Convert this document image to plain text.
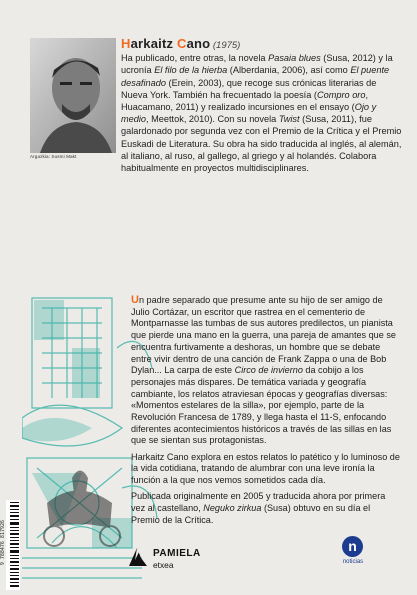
Argazkia: Susmi Makt
Harkaitz Cano (1975)
Ha publicado, entre otras, la novela Pasaia blues (Susa, 2012) y la ucronía El filo de la hierba (Alberdania, 2006), así como El puente desafinado (Erein, 2003), que recoge sus crónicas literarias de Nueva York. También ha frecuentado la poesía (Compro oro, Huacamano, 2011) y realizado incursiones en el ensayo (Ojo y medio, Meettok, 2010). Con su novela Twist (Susa, 2011), fue galardonado por segunda vez con el Premio de la Crítica y el Premio Euskadi de Literatura. Su obra ha sido traducida al inglés, al alemán, al italiano, al ruso, al gallego, al griego y al holandés. Colabora habitualmente en proyectos multidisciplinares.

Un padre separado que presume ante su hijo de ser amigo de Julio Cortázar, un escritor que rastrea en el cementerio de Montparnasse las tumbas de sus autores predilectos, un pianista que pierde una mano en la guerra, una pareja de amantes que se encuentra furtivamente a deshoras, un hombre que se debate entre vivir dentro de una canción de Frank Zappa o una de Bob Dylan... La carpa de este Circo de invierno da cobijo a los personajes más dispares. De temática variada y geografía cambiante, los relatos atraviesan épocas y geografías diversas: «Momentos estelares de la silla», por ejemplo, parte de la Revolución Francesa de 1789, y llega hasta el 11-S, enfocando diferentes acontecimientos históricos a través de las sillas en las que se sientan sus protagonistas.

Harkaitz Cano explora en estos relatos lo patético y lo luminoso de la vida cotidiana, tratando de alumbrar con una leve ironía la función a la que nos vemos sometidos cada día.

Publicada originalmente en 2005 y traducida ahora por primera vez al castellano, Neguko zirkua (Susa) obtuvo en su día el Premio de la Crítica.

9 788476 817926	PAMIELA
etxea
n
noticias
